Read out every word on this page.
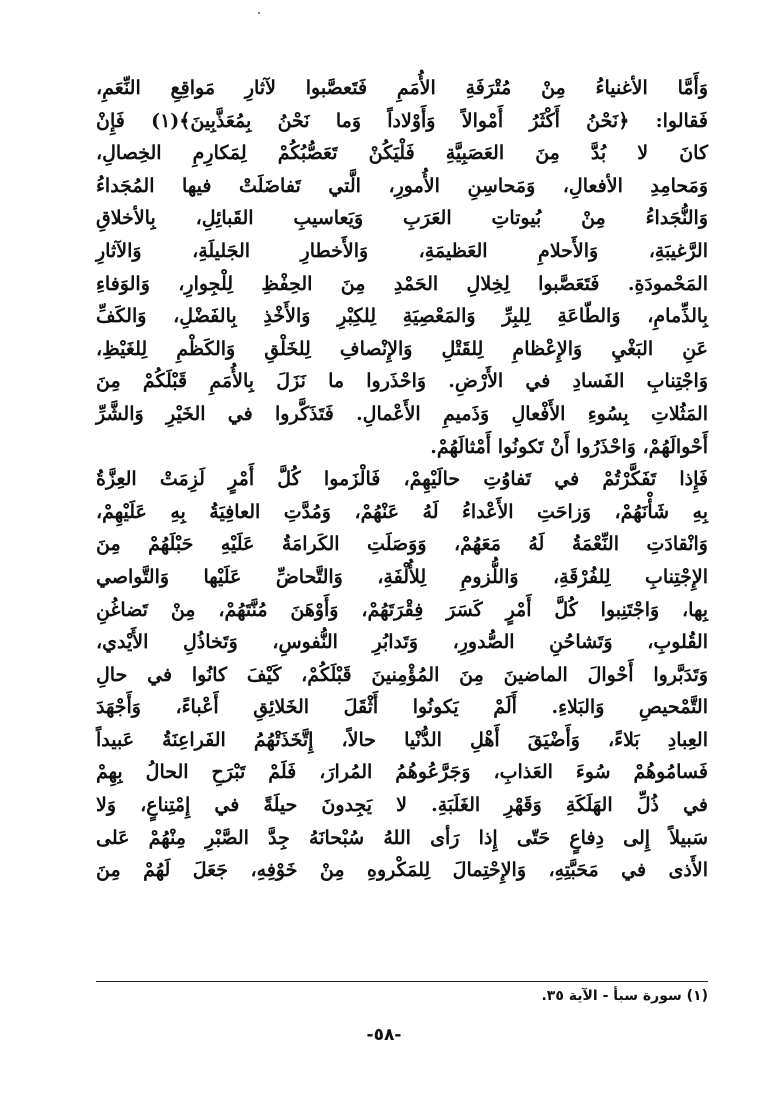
وَأَمَّا الأغنياءُ مِنْ مُتْرَفَةِ الأُمَمِ فَتَعصَّبوا لآثارِ مَواقِعِ النِّعَمِ،

فَقالوا: ﴿نَحْنُ أَكْثَرُ أَمْوالاً وَأَوْلاداً وَما نَحْنُ بِمُعَذَّبِينَ﴾(١) فَإِنْ

كانَ لا بُدَّ مِنَ العَصَبِيَّةِ فَلْيَكُنْ تَعَصُّبُكُمْ لِمَكارِمِ الخِصالِ،

وَمَحامِدِ الأفعالِ، وَمَحاسِنِ الأُمورِ، الَّتي تَفاضَلَتْ فيها المُجَداءُ

وَالنُّجَداءُ مِنْ بُيوتاتِ العَرَبِ وَيَعاسيبِ القَبائِلِ، بِالأخلاقِ

الرَّغيبَةِ، وَالأَحلامِ العَظيمَةِ، وَالأَخطارِ الجَليلَةِ، وَالآثارِ

المَحْمودَةِ. فَتَعَصَّبوا لِخِلالِ الحَمْدِ مِنَ الحِفْظِ لِلْجِوارِ، وَالوَفاءِ

بِالذِّمامِ، وَالطّاعَةِ لِلبِرِّ وَالمَعْصِيَةِ لِلكِبْرِ وَالأَخْذِ بِالفَضْلِ، وَالكَفِّ

عَنِ البَغْيِ وَالإِعْظامِ لِلقَتْلِ وَالإِنْصافِ لِلخَلْقِ وَالكَظْمِ لِلغَيْظِ،

وَاجْتِنابِ الفَسادِ في الأَرْضِ. وَاحْذَروا ما نَزَلَ بِالأُمَمِ قَبْلَكُمْ مِنَ

المَثُلاتِ بِسُوءِ الأَفْعالِ وَذَميمِ الأَعْمالِ. فَتَذَكَّروا في الخَيْرِ وَالشَّرِّ

أَحْوالَهُمْ، وَاحْذَرُوا أَنْ تَكونُوا أَمْثالَهُمْ.

فَإِذا تَفَكَّرْتُمْ في تَفاوُتِ حالَيْهِمْ، فَالْزَموا كُلَّ أَمْرٍ لَزِمَتْ العِزَّةُ

بِهِ شَأْنَهُمْ، وَزاحَتِ الأَعْداءُ لَهُ عَنْهُمْ، وَمُدَّتِ العافِيَةُ بِهِ عَلَيْهِمْ،

وَانْقادَتِ النِّعْمَةُ لَهُ مَعَهُمْ، وَوَصَلَتِ الكَرامَةُ عَلَيْهِ حَبْلَهُمْ مِنَ

الإِجْتِنابِ لِلفُرْقَةِ، وَاللُّزومِ لِلأُلْفَةِ، وَالتَّحاضِّ عَلَيْها وَالتَّواصي

بِها، وَاجْتَنِبوا كُلَّ أَمْرٍ كَسَرَ فِقْرَتَهُمْ، وَأَوْهَنَ مُنَّتَهُمْ، مِنْ تَضاغُنِ

القُلوبِ، وَتَشاحُنِ الصُّدورِ، وَتَدابُرِ النُّفوسِ، وَتَخاذُلِ الأَيْدي،

وَتَدَبَّروا أَحْوالَ الماضينَ مِنَ المُؤْمِنينَ قَبْلَكُمْ، كَيْفَ كانُوا في حالِ

التَّمْحيصِ وَالبَلاءِ. أَلَمْ يَكونُوا أَثْقَلَ الخَلائِقِ أَعْباءً، وَأَجْهَدَ

العِبادِ بَلاءً، وَأَضْيَقَ أَهْلِ الدُّنْيا حالاً، إِتَّخَذَتْهُمُ الفَراعِنَةُ عَبيداً

فَسامُوهُمْ سُوءَ العَذابِ، وَجَرَّعُوهُمُ المُرارَ، فَلَمْ تَبْرَحِ الحالُ بِهِمْ

في ذُلِّ الهَلَكَةِ وَقَهْرِ الغَلَبَةِ. لا يَجِدونَ حيلَةً في إِمْتِناعٍ، وَلا

سَبيلاً إِلى دِفاعٍ حَتّى إِذا رَأى اللهُ سُبْحانَهُ جِدَّ الصَّبْرِ مِنْهُمْ عَلى

الأَذى في مَحَبَّتِهِ، وَالإِحْتِمالَ لِلمَكْروهِ مِنْ خَوْفِهِ، جَعَلَ لَهُمْ مِنَ

(١) سورة سبأ - الآية ٣٥.
-٥٨-
